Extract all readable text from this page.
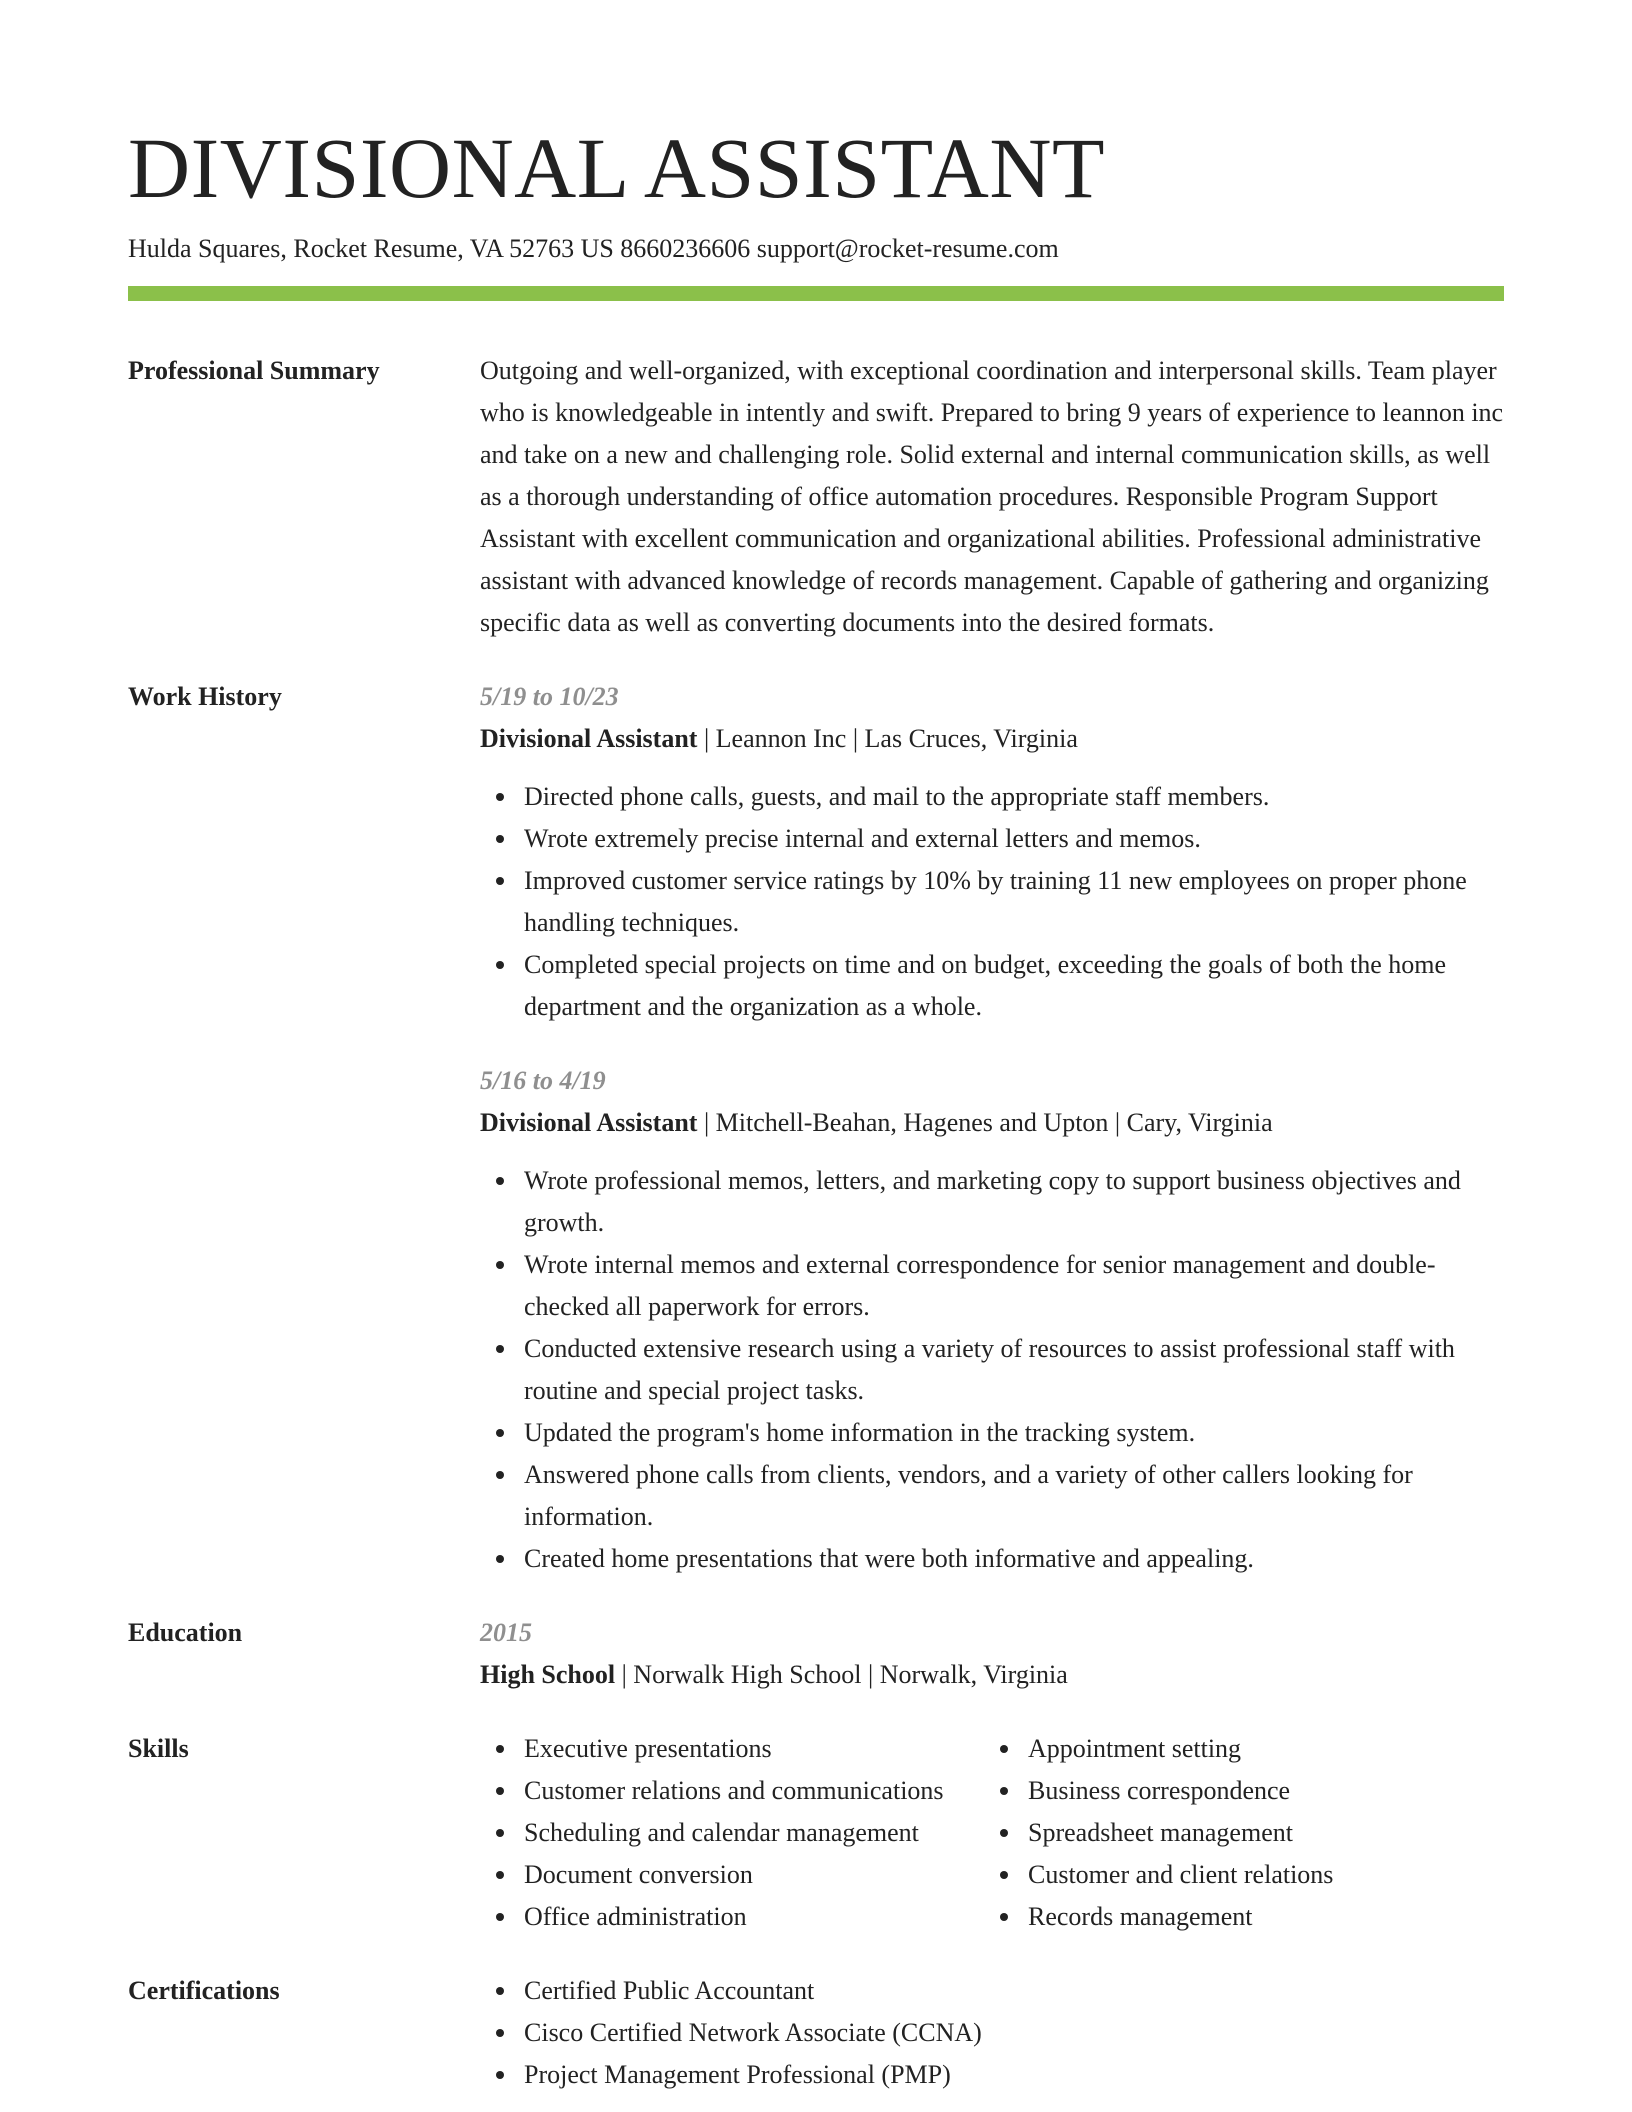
DIVISIONAL ASSISTANT
Hulda Squares, Rocket Resume, VA 52763 US 8660236606 support@rocket-resume.com
Professional Summary	Outgoing and well-organized, with exceptional coordination and interpersonal skills. Team player who is knowledgeable in intently and swift. Prepared to bring 9 years of experience to leannon inc and take on a new and challenging role. Solid external and internal communication skills, as well as a thorough understanding of office automation procedures. Responsible Program Support Assistant with excellent communication and organizational abilities. Professional administrative assistant with advanced knowledge of records management. Capable of gathering and organizing specific data as well as converting documents into the desired formats.

Work History	5/19 to 10/23

Divisional Assistant | Leannon Inc | Las Cruces, Virginia

Directed phone calls, guests, and mail to the appropriate staff members.
Wrote extremely precise internal and external letters and memos.
Improved customer service ratings by 10% by training 11 new employees on proper phone handling techniques.
Completed special projects on time and on budget, exceeding the goals of both the home department and the organization as a whole.
5/16 to 4/19

Divisional Assistant | Mitchell-Beahan, Hagenes and Upton | Cary, Virginia

Wrote professional memos, letters, and marketing copy to support business objectives and growth.
Wrote internal memos and external correspondence for senior management and double-checked all paperwork for errors.
Conducted extensive research using a variety of resources to assist professional staff with routine and special project tasks.
Updated the program's home information in the tracking system.
Answered phone calls from clients, vendors, and a variety of other callers looking for information.
Created home presentations that were both informative and appealing.
Education	2015

High School | Norwalk High School | Norwalk, Virginia

Skills	Executive presentations
Customer relations and communications
Scheduling and calendar management
Document conversion
Office administration
Appointment setting
Business correspondence
Spreadsheet management
Customer and client relations
Records management
Certifications	Certified Public Accountant
Cisco Certified Network Associate (CCNA)
Project Management Professional (PMP)
